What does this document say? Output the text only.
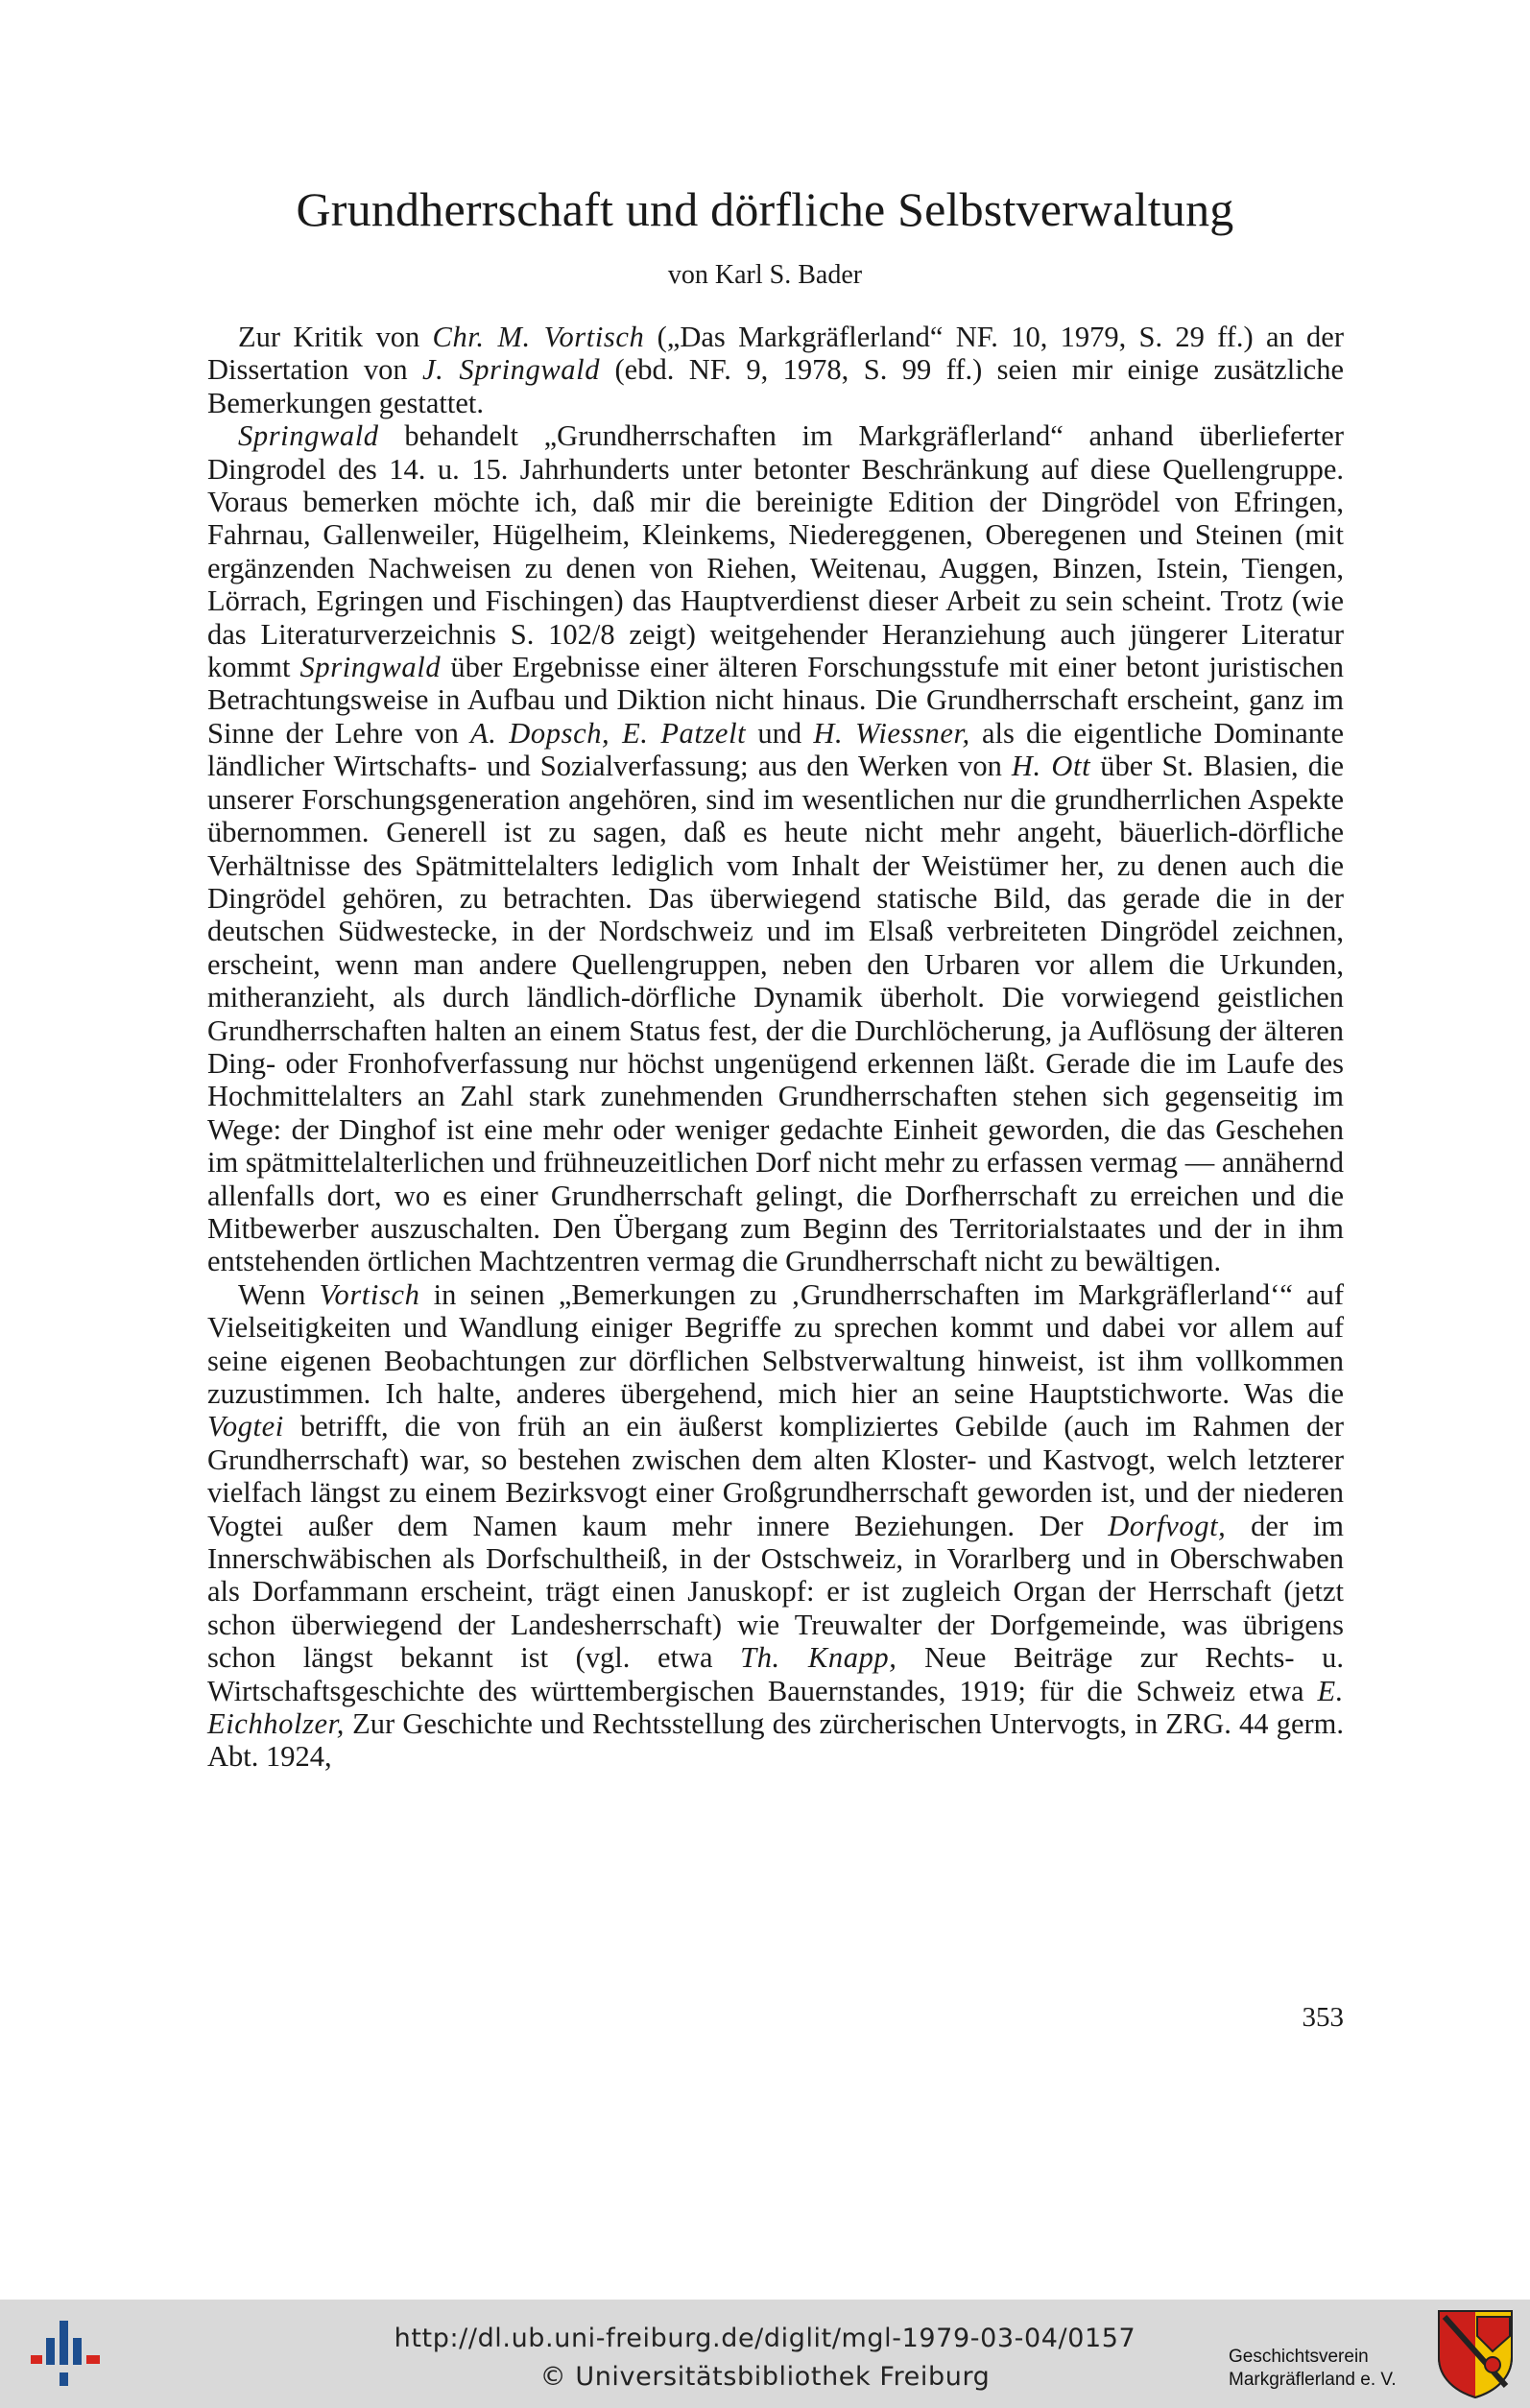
Grundherrschaft und dörfliche Selbstverwaltung
von Karl S. Bader

Zur Kritik von Chr. M. Vortisch („Das Markgräflerland“ NF. 10, 1979, S. 29 ff.) an der Dissertation von J. Springwald (ebd. NF. 9, 1978, S. 99 ff.) seien mir einige zusätzliche Bemerkungen gestattet.

Springwald behandelt „Grundherrschaften im Markgräflerland“ anhand überlieferter Dingrodel des 14. u. 15. Jahrhunderts unter betonter Beschränkung auf diese Quellengruppe. Voraus bemerken möchte ich, daß mir die bereinigte Edition der Dingrödel von Efringen, Fahrnau, Gallenweiler, Hügelheim, Kleinkems, Niedereggenen, Oberegenen und Steinen (mit ergänzenden Nachweisen zu denen von Riehen, Weitenau, Auggen, Binzen, Istein, Tiengen, Lörrach, Egringen und Fischingen) das Hauptverdienst dieser Arbeit zu sein scheint. Trotz (wie das Literaturverzeichnis S. 102/8 zeigt) weitgehender Heranziehung auch jüngerer Literatur kommt Springwald über Ergebnisse einer älteren Forschungsstufe mit einer betont juristischen Betrachtungsweise in Aufbau und Diktion nicht hinaus. Die Grundherrschaft erscheint, ganz im Sinne der Lehre von A. Dopsch, E. Patzelt und H. Wiessner, als die eigentliche Dominante ländlicher Wirtschafts- und Sozialverfassung; aus den Werken von H. Ott über St. Blasien, die unserer Forschungsgeneration angehören, sind im wesentlichen nur die grundherrlichen Aspekte übernommen. Generell ist zu sagen, daß es heute nicht mehr angeht, bäuerlich-dörfliche Verhältnisse des Spätmittelalters lediglich vom Inhalt der Weistümer her, zu denen auch die Dingrödel gehören, zu betrachten. Das überwiegend statische Bild, das gerade die in der deutschen Südwestecke, in der Nordschweiz und im Elsaß verbreiteten Dingrödel zeichnen, erscheint, wenn man andere Quellengruppen, neben den Urbaren vor allem die Urkunden, mitheranzieht, als durch ländlich-dörfliche Dynamik überholt. Die vorwiegend geistlichen Grundherrschaften halten an einem Status fest, der die Durchlöcherung, ja Auflösung der älteren Ding- oder Fronhofverfassung nur höchst ungenügend erkennen läßt. Gerade die im Laufe des Hochmittelalters an Zahl stark zunehmenden Grundherrschaften stehen sich gegenseitig im Wege: der Dinghof ist eine mehr oder weniger gedachte Einheit geworden, die das Geschehen im spätmittelalterlichen und frühneuzeitlichen Dorf nicht mehr zu erfassen vermag — annähernd allenfalls dort, wo es einer Grundherrschaft gelingt, die Dorfherrschaft zu erreichen und die Mitbewerber auszuschalten. Den Übergang zum Beginn des Territorialstaates und der in ihm entstehenden örtlichen Machtzentren vermag die Grundherrschaft nicht zu bewältigen.

Wenn Vortisch in seinen „Bemerkungen zu ‚Grundherrschaften im Markgräflerland‘“ auf Vielseitigkeiten und Wandlung einiger Begriffe zu sprechen kommt und dabei vor allem auf seine eigenen Beobachtungen zur dörflichen Selbstverwaltung hinweist, ist ihm vollkommen zuzustimmen. Ich halte, anderes übergehend, mich hier an seine Hauptstichworte. Was die Vogtei betrifft, die von früh an ein äußerst kompliziertes Gebilde (auch im Rahmen der Grundherrschaft) war, so bestehen zwischen dem alten Kloster- und Kastvogt, welch letzterer vielfach längst zu einem Bezirksvogt einer Großgrundherrschaft geworden ist, und der niederen Vogtei außer dem Namen kaum mehr innere Beziehungen. Der Dorfvogt, der im Innerschwäbischen als Dorfschultheiß, in der Ostschweiz, in Vorarlberg und in Oberschwaben als Dorfammann erscheint, trägt einen Januskopf: er ist zugleich Organ der Herrschaft (jetzt schon überwiegend der Landesherrschaft) wie Treuwalter der Dorfgemeinde, was übrigens schon längst bekannt ist (vgl. etwa Th. Knapp, Neue Beiträge zur Rechts- u. Wirtschaftsgeschichte des württembergischen Bauernstandes, 1919; für die Schweiz etwa E. Eichholzer, Zur Geschichte und Rechtsstellung des zürcherischen Untervogts, in ZRG. 44 germ. Abt. 1924,

353
http://dl.ub.uni-freiburg.de/diglit/mgl-1979-03-04/0157
© Universitätsbibliothek Freiburg
Geschichtsverein
Markgräflerland e. V.
